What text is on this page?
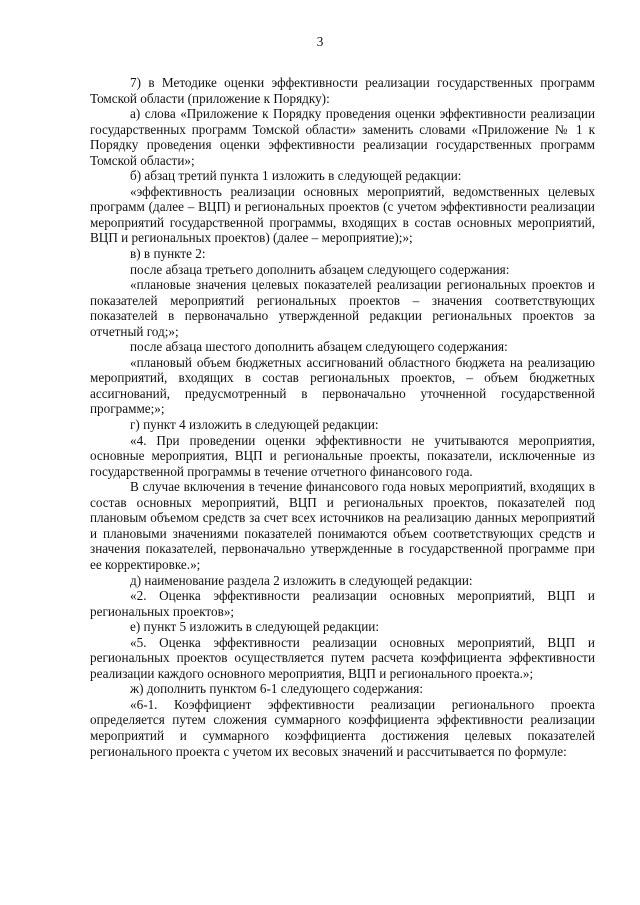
3

7) в Методике оценки эффективности реализации государственных программ Томской области (приложение к Порядку):

а) слова «Приложение к Порядку проведения оценки эффективности реализации государственных программ Томской области» заменить словами «Приложение № 1 к Порядку проведения оценки эффективности реализации государственных программ Томской области»;

б) абзац третий пункта 1 изложить в следующей редакции:

«эффективность реализации основных мероприятий, ведомственных целевых программ (далее – ВЦП) и региональных проектов (с учетом эффективности реализации мероприятий государственной программы, входящих в состав основных мероприятий, ВЦП и региональных проектов) (далее – мероприятие);»;

в) в пункте 2:

после абзаца третьего дополнить абзацем следующего содержания:

«плановые значения целевых показателей реализации региональных проектов и показателей мероприятий региональных проектов – значения соответствующих показателей в первоначально утвержденной редакции региональных проектов за отчетный год;»;

после абзаца шестого дополнить абзацем следующего содержания:

«плановый объем бюджетных ассигнований областного бюджета на реализацию мероприятий, входящих в состав региональных проектов, – объем бюджетных ассигнований, предусмотренный в первоначально уточненной государственной программе;»;

г) пункт 4 изложить в следующей редакции:

«4. При проведении оценки эффективности не учитываются мероприятия, основные мероприятия, ВЦП и региональные проекты, показатели, исключенные из государственной программы в течение отчетного финансового года.

В случае включения в течение финансового года новых мероприятий, входящих в состав основных мероприятий, ВЦП и региональных проектов, показателей под плановым объемом средств за счет всех источников на реализацию данных мероприятий и плановыми значениями показателей понимаются объем соответствующих средств и значения показателей, первоначально утвержденные в государственной программе при ее корректировке.»;

д) наименование раздела 2 изложить в следующей редакции:

«2. Оценка эффективности реализации основных мероприятий, ВЦП и региональных проектов»;

е) пункт 5 изложить в следующей редакции:

«5. Оценка эффективности реализации основных мероприятий, ВЦП и региональных проектов осуществляется путем расчета коэффициента эффективности реализации каждого основного мероприятия, ВЦП и регионального проекта.»;

ж) дополнить пунктом 6-1 следующего содержания:

«6-1. Коэффициент эффективности реализации регионального проекта определяется путем сложения суммарного коэффициента эффективности реализации мероприятий и суммарного коэффициента достижения целевых показателей регионального проекта с учетом их весовых значений и рассчитывается по формуле:
